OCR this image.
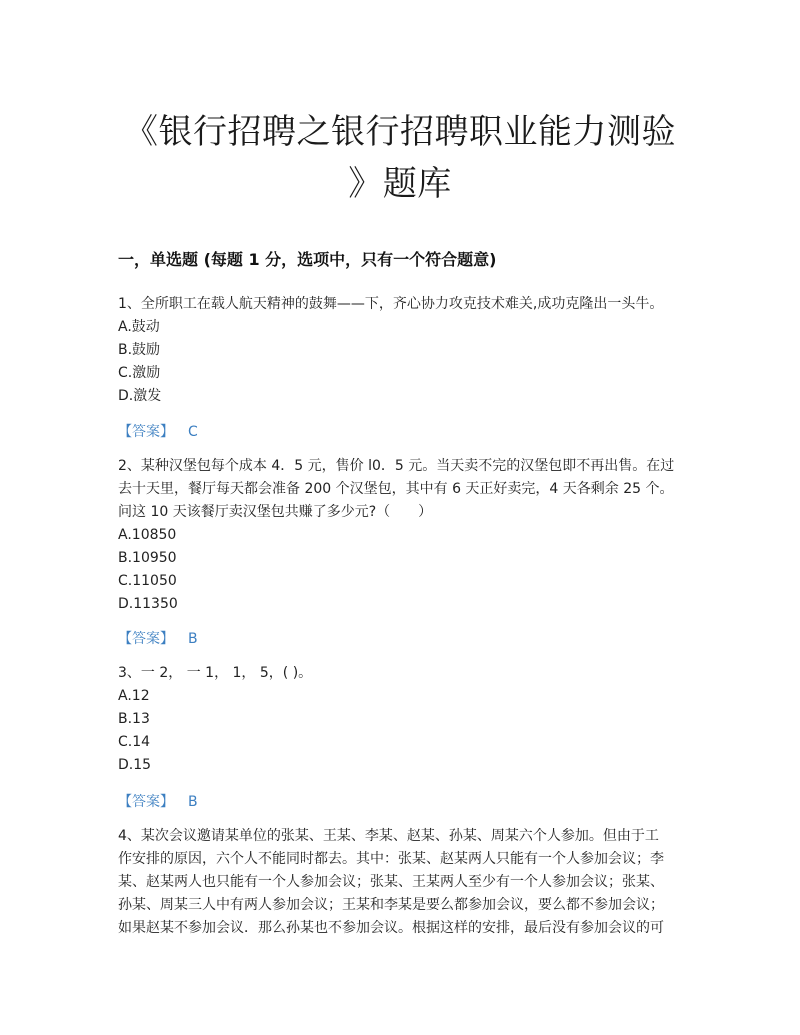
《银行招聘之银行招聘职业能力测验
》题库
一，单选题 (每题 1 分，选项中，只有一个符合题意)

1、全所职工在载人航天精神的鼓舞——下，齐心协力攻克技术难关,成功克隆出一头牛。

A.鼓动

B.鼓励

C.激励

D.激发

【答案】 C

2、某种汉堡包每个成本 4．5 元，售价 l0．5 元。当天卖不完的汉堡包即不再出售。在过

去十天里，餐厅每天都会准备 200 个汉堡包，其中有 6 天正好卖完，4 天各剩余 25 个。

问这 10 天该餐厅卖汉堡包共赚了多少元?（　　）

A.10850

B.10950

C.11050

D.11350

【答案】 B

3、一 2， 一 1， 1， 5，( )。

A.12

B.13

C.14

D.15

【答案】 B

4、某次会议邀请某单位的张某、王某、李某、赵某、孙某、周某六个人参加。但由于工

作安排的原因，六个人不能同时都去。其中：张某、赵某两人只能有一个人参加会议；李

某、赵某两人也只能有一个人参加会议；张某、王某两人至少有一个人参加会议；张某、

孙某、周某三人中有两人参加会议；王某和李某是要么都参加会议，要么都不参加会议；

如果赵某不参加会议．那么孙某也不参加会议。根据这样的安排，最后没有参加会议的可
